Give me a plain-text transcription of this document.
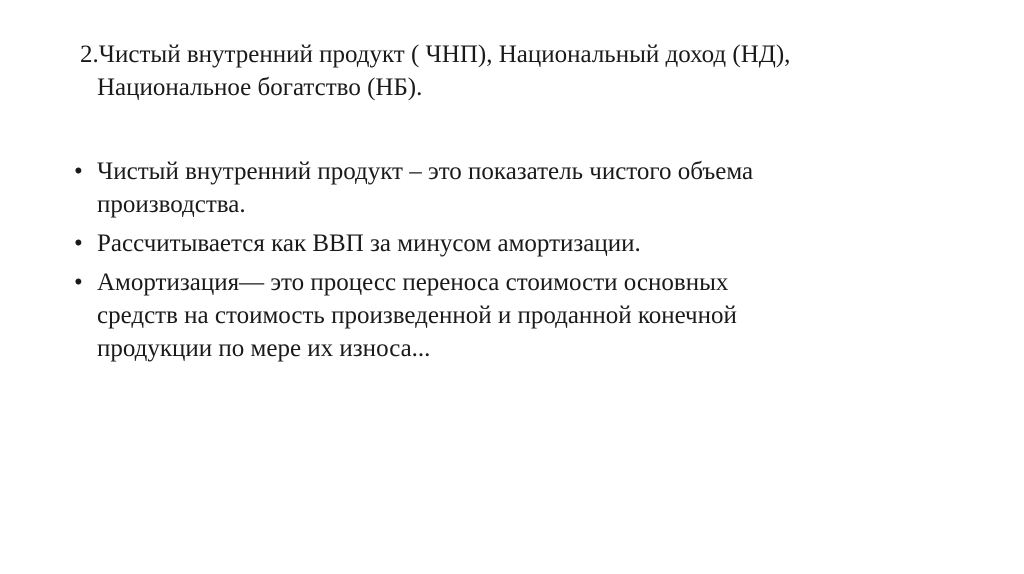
2.Чистый внутренний продукт ( ЧНП), Национальный доход (НД),
Национальное богатство (НБ).
• Чистый внутренний продукт – это показатель чистого объема
производства.
• Рассчитывается как ВВП за минусом амортизации.
• Амортизация— это процесс переноса стоимости основных
средств на стоимость произведенной и проданной конечной
продукции по мере их износа...
